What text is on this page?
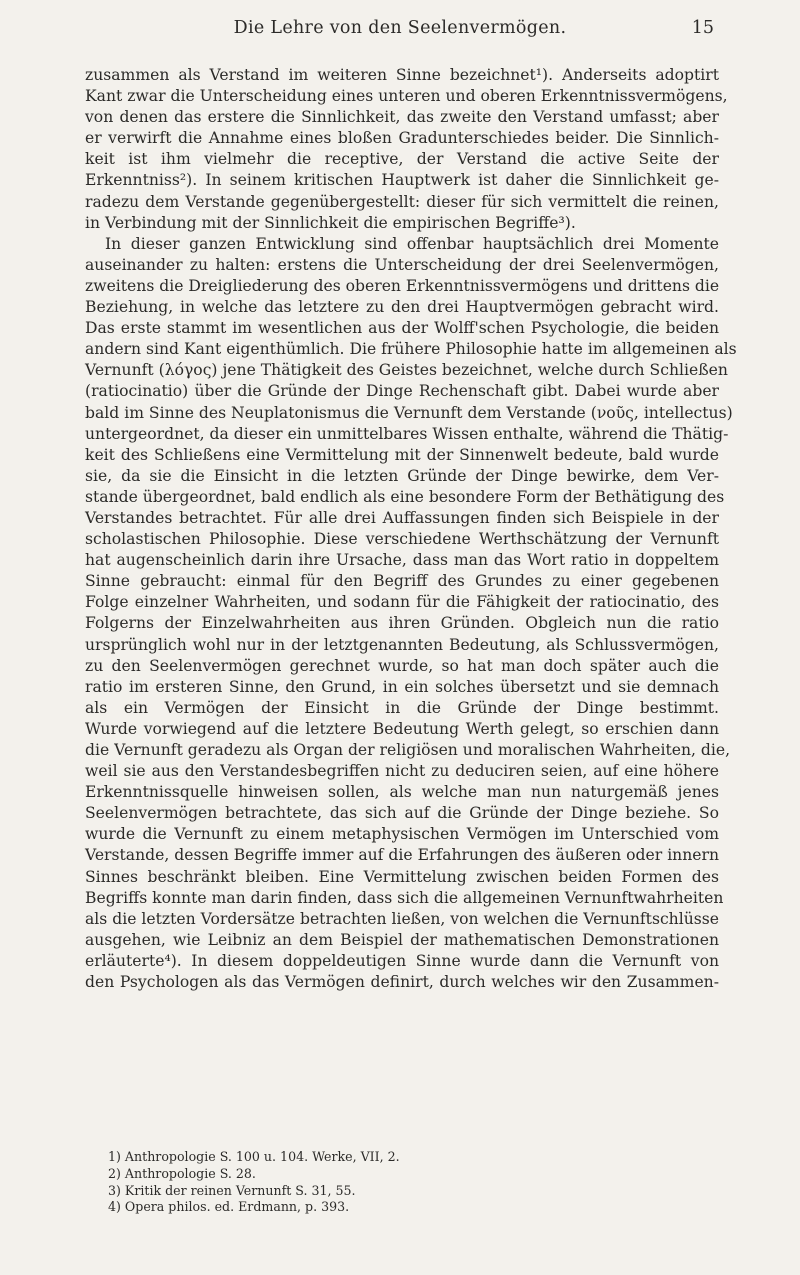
Die Lehre von den Seelenvermögen.	15
zusammen als Verstand im weiteren Sinne bezeichnet¹). Anderseits adoptirt
Kant zwar die Unterscheidung eines unteren und oberen Erkenntnissvermögens,
von denen das erstere die Sinnlichkeit, das zweite den Verstand umfasst; aber
er verwirft die Annahme eines bloßen Gradunterschiedes beider. Die Sinnlich-
keit ist ihm vielmehr die receptive, der Verstand die active Seite der
Erkenntniss²). In seinem kritischen Hauptwerk ist daher die Sinnlichkeit ge-
radezu dem Verstande gegenübergestellt: dieser für sich vermittelt die reinen,
in Verbindung mit der Sinnlichkeit die empirischen Begriffe³).
In dieser ganzen Entwicklung sind offenbar hauptsächlich drei Momente
auseinander zu halten: erstens die Unterscheidung der drei Seelenvermögen,
zweitens die Dreigliederung des oberen Erkenntnissvermögens und drittens die
Beziehung, in welche das letztere zu den drei Hauptvermögen gebracht wird.
Das erste stammt im wesentlichen aus der Wolff'schen Psychologie, die beiden
andern sind Kant eigenthümlich. Die frühere Philosophie hatte im allgemeinen als
Vernunft (λόγος) jene Thätigkeit des Geistes bezeichnet, welche durch Schließen
(ratiocinatio) über die Gründe der Dinge Rechenschaft gibt. Dabei wurde aber
bald im Sinne des Neuplatonismus die Vernunft dem Verstande (νοῦς, intellectus)
untergeordnet, da dieser ein unmittelbares Wissen enthalte, während die Thätig-
keit des Schließens eine Vermittelung mit der Sinnenwelt bedeute, bald wurde
sie, da sie die Einsicht in die letzten Gründe der Dinge bewirke, dem Ver-
stande übergeordnet, bald endlich als eine besondere Form der Bethätigung des
Verstandes betrachtet. Für alle drei Auffassungen finden sich Beispiele in der
scholastischen Philosophie. Diese verschiedene Werthschätzung der Vernunft
hat augenscheinlich darin ihre Ursache, dass man das Wort ratio in doppeltem
Sinne gebraucht: einmal für den Begriff des Grundes zu einer gegebenen
Folge einzelner Wahrheiten, und sodann für die Fähigkeit der ratiocinatio, des
Folgerns der Einzelwahrheiten aus ihren Gründen. Obgleich nun die ratio
ursprünglich wohl nur in der letztgenannten Bedeutung, als Schlussvermögen,
zu den Seelenvermögen gerechnet wurde, so hat man doch später auch die
ratio im ersteren Sinne, den Grund, in ein solches übersetzt und sie demnach
als ein Vermögen der Einsicht in die Gründe der Dinge bestimmt.
Wurde vorwiegend auf die letztere Bedeutung Werth gelegt, so erschien dann
die Vernunft geradezu als Organ der religiösen und moralischen Wahrheiten, die,
weil sie aus den Verstandesbegriffen nicht zu deduciren seien, auf eine höhere
Erkenntnissquelle hinweisen sollen, als welche man nun naturgemäß jenes
Seelenvermögen betrachtete, das sich auf die Gründe der Dinge beziehe. So
wurde die Vernunft zu einem metaphysischen Vermögen im Unterschied vom
Verstande, dessen Begriffe immer auf die Erfahrungen des äußeren oder innern
Sinnes beschränkt bleiben. Eine Vermittelung zwischen beiden Formen des
Begriffs konnte man darin finden, dass sich die allgemeinen Vernunftwahrheiten
als die letzten Vordersätze betrachten ließen, von welchen die Vernunftschlüsse
ausgehen, wie Leibniz an dem Beispiel der mathematischen Demonstrationen
erläuterte⁴). In diesem doppeldeutigen Sinne wurde dann die Vernunft von
den Psychologen als das Vermögen definirt, durch welches wir den Zusammen-
1) Anthropologie S. 100 u. 104. Werke, VII, 2.
2) Anthropologie S. 28.
3) Kritik der reinen Vernunft S. 31, 55.
4) Opera philos. ed. Erdmann, p. 393.
